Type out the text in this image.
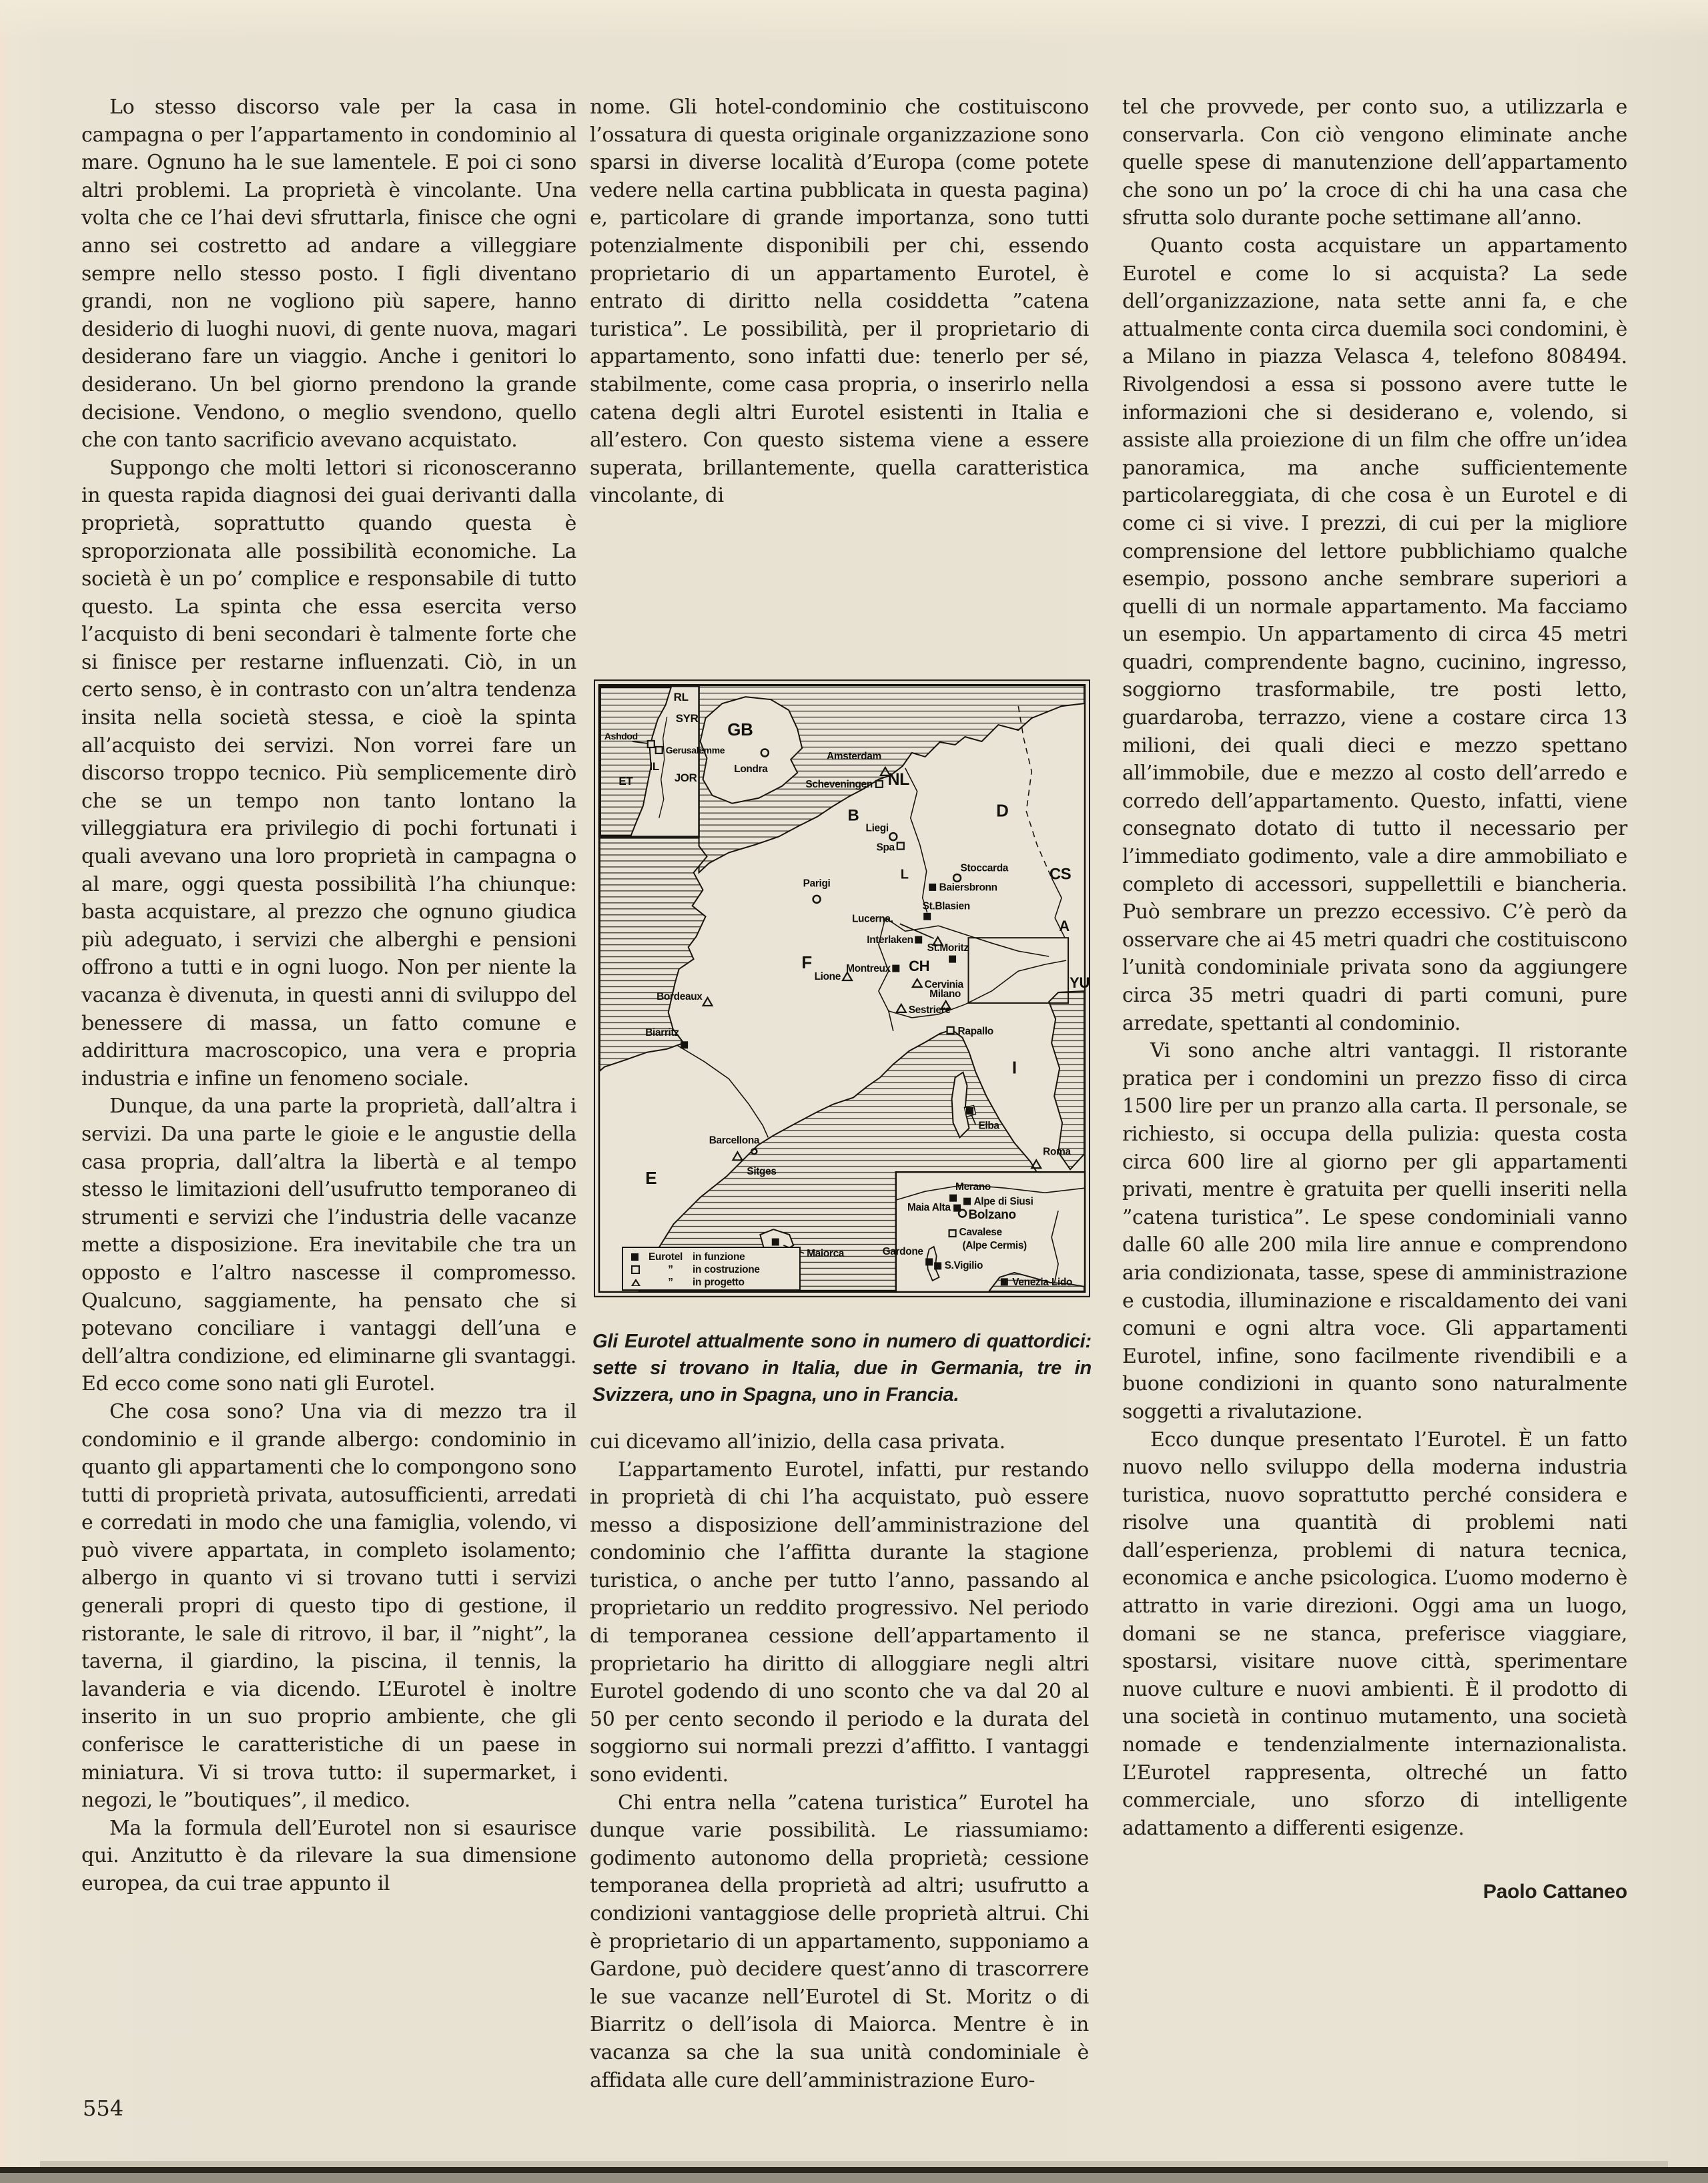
Lo stesso discorso vale per la casa in campagna o per l’appartamento in condominio al mare. Ognuno ha le sue lamentele. E poi ci sono altri problemi. La proprietà è vincolante. Una volta che ce l’hai devi sfruttarla, finisce che ogni anno sei costretto ad andare a villeggiare sempre nello stesso posto. I figli diventano grandi, non ne vogliono più sapere, hanno desiderio di luoghi nuovi, di gente nuova, magari desiderano fare un viaggio. Anche i genitori lo desiderano. Un bel giorno prendono la grande decisione. Vendono, o meglio svendono, quello che con tanto sacrificio avevano acquistato.

Suppongo che molti lettori si riconosceranno in questa rapida diagnosi dei guai derivanti dalla proprietà, soprattutto quando questa è sproporzionata alle possibilità economiche. La società è un po’ complice e responsabile di tutto questo. La spinta che essa esercita verso l’acquisto di beni secondari è talmente forte che si finisce per restarne influenzati. Ciò, in un certo senso, è in contrasto con un’altra tendenza insita nella società stessa, e cioè la spinta all’acquisto dei servizi. Non vorrei fare un discorso troppo tecnico. Più semplicemente dirò che se un tempo non tanto lontano la villeggiatura era privilegio di pochi fortunati i quali avevano una loro proprietà in campagna o al mare, oggi questa possibilità l’ha chiunque: basta acquistare, al prezzo che ognuno giudica più adeguato, i servizi che alberghi e pensioni offrono a tutti e in ogni luogo. Non per niente la vacanza è divenuta, in questi anni di sviluppo del benessere di massa, un fatto comune e addirittura macroscopico, una vera e propria industria e infine un fenomeno sociale.

Dunque, da una parte la proprietà, dall’altra i servizi. Da una parte le gioie e le angustie della casa propria, dall’altra la libertà e al tempo stesso le limitazioni dell’usufrutto temporaneo di strumenti e servizi che l’industria delle vacanze mette a disposizione. Era inevitabile che tra un opposto e l’altro nascesse il compromesso. Qualcuno, saggiamente, ha pensato che si potevano conciliare i vantaggi dell’una e dell’altra condizione, ed eliminarne gli svantaggi. Ed ecco come sono nati gli Eurotel.

Che cosa sono? Una via di mezzo tra il condominio e il grande albergo: condominio in quanto gli appartamenti che lo compongono sono tutti di proprietà privata, autosufficienti, arredati e corredati in modo che una famiglia, volendo, vi può vivere appartata, in completo isolamento; albergo in quanto vi si trovano tutti i servizi generali propri di questo tipo di gestione, il ristorante, le sale di ritrovo, il bar, il ”night”, la taverna, il giardino, la piscina, il tennis, la lavanderia e via dicendo. L’Eurotel è inoltre inserito in un suo proprio ambiente, che gli conferisce le caratteristiche di un paese in miniatura. Vi si trova tutto: il supermarket, i negozi, le ”boutiques”, il medico.

Ma la formula dell’Eurotel non si esaurisce qui. Anzitutto è da rilevare la sua dimensione europea, da cui trae appunto il

nome. Gli hotel-condominio che costituiscono l’ossatura di questa originale organizzazione sono sparsi in diverse località d’Europa (come potete vedere nella cartina pubblicata in questa pagina) e, particolare di grande importanza, sono tutti potenzialmente disponibili per chi, essendo proprietario di un appartamento Eurotel, è entrato di diritto nella cosiddetta ”catena turistica”. Le possibilità, per il proprietario di appartamento, sono infatti due: tenerlo per sé, stabilmente, come casa propria, o inserirlo nella catena degli altri Eurotel esistenti in Italia e all’estero. Con questo sistema viene a essere superata, brillantemente, quella caratteristica vincolante, di

GB
NL
B
L
D
CS
F	CH
A
YU
I
E
RL
SYR
IL
JOR
ET
Ashdod
Gerusalemme
Londra
Amsterdam
Scheveningen
Liegi
Spa
Parigi
Stoccarda
Baiersbronn
St.Blasien
Lucerna.
Interlaken
St.Moritz
Montreux
Cervinia
Milano
Sestriere
Rapallo
Lione
Bordeaux
Biarritz
Barcellona
Sitges
Maiorca
Elba
Roma
Merano
Alpe di Siusi
Maia Alta
Bolzano
Cavalese
(Alpe Cermis)
Gardone
S.Vigilio
Venezia Lido
Eurotel in funzione
”	in costruzione
”	in progetto
Gli Eurotel attualmente sono in numero di quattordici: sette si trovano in Italia, due in Germania, tre in Svizzera, uno in Spagna, uno in Francia.

cui dicevamo all’inizio, della casa privata.

L’appartamento Eurotel, infatti, pur restando in proprietà di chi l’ha acquistato, può essere messo a disposizione dell’amministrazione del condominio che l’affitta durante la stagione turistica, o anche per tutto l’anno, passando al proprietario un reddito progressivo. Nel periodo di temporanea cessione dell’appartamento il proprietario ha diritto di alloggiare negli altri Eurotel godendo di uno sconto che va dal 20 al 50 per cento secondo il periodo e la durata del soggiorno sui normali prezzi d’affitto. I vantaggi sono evidenti.

Chi entra nella ”catena turistica” Eurotel ha dunque varie possibilità. Le riassumiamo: godimento autonomo della proprietà; cessione temporanea della proprietà ad altri; usufrutto a condizioni vantaggiose delle proprietà altrui. Chi è proprietario di un appartamento, supponiamo a Gardone, può decidere quest’anno di trascorrere le sue vacanze nell’Eurotel di St. Moritz o di Biarritz o dell’isola di Maiorca. Mentre è in vacanza sa che la sua unità condominiale è affidata alle cure dell’amministrazione Euro-

tel che provvede, per conto suo, a utilizzarla e conservarla. Con ciò vengono eliminate anche quelle spese di manutenzione dell’appartamento che sono un po’ la croce di chi ha una casa che sfrutta solo durante poche settimane all’anno.

Quanto costa acquistare un appartamento Eurotel e come lo si acquista? La sede dell’organizzazione, nata sette anni fa, e che attualmente conta circa duemila soci condomini, è a Milano in piazza Velasca 4, telefono 808494. Rivolgendosi a essa si possono avere tutte le informazioni che si desiderano e, volendo, si assiste alla proiezione di un film che offre un’idea panoramica, ma anche sufficientemente particolareggiata, di che cosa è un Eurotel e di come ci si vive. I prezzi, di cui per la migliore comprensione del lettore pubblichiamo qualche esempio, possono anche sembrare superiori a quelli di un normale appartamento. Ma facciamo un esempio. Un appartamento di circa 45 metri quadri, comprendente bagno, cucinino, ingresso, soggiorno trasformabile, tre posti letto, guardaroba, terrazzo, viene a costare circa 13 milioni, dei quali dieci e mezzo spettano all’immobile, due e mezzo al costo dell’arredo e corredo dell’appartamento. Questo, infatti, viene consegnato dotato di tutto il necessario per l’immediato godimento, vale a dire ammobiliato e completo di accessori, suppellettili e biancheria. Può sembrare un prezzo eccessivo. C’è però da osservare che ai 45 metri quadri che costituiscono l’unità condominiale privata sono da aggiungere circa 35 metri quadri di parti comuni, pure arredate, spettanti al condominio.

Vi sono anche altri vantaggi. Il ristorante pratica per i condomini un prezzo fisso di circa 1500 lire per un pranzo alla carta. Il personale, se richiesto, si occupa della pulizia: questa costa circa 600 lire al giorno per gli appartamenti privati, mentre è gratuita per quelli inseriti nella ”catena turistica”. Le spese condominiali vanno dalle 60 alle 200 mila lire annue e comprendono aria condizionata, tasse, spese di amministrazione e custodia, illuminazione e riscaldamento dei vani comuni e ogni altra voce. Gli appartamenti Eurotel, infine, sono facilmente rivendibili e a buone condizioni in quanto sono naturalmente soggetti a rivalutazione.

Ecco dunque presentato l’Eurotel. È un fatto nuovo nello sviluppo della moderna industria turistica, nuovo soprattutto perché considera e risolve una quantità di problemi nati dall’esperienza, problemi di natura tecnica, economica e anche psicologica. L’uomo moderno è attratto in varie direzioni. Oggi ama un luogo, domani se ne stanca, preferisce viaggiare, spostarsi, visitare nuove città, sperimentare nuove culture e nuovi ambienti. È il prodotto di una società in continuo mutamento, una società nomade e tendenzialmente internazionalista. L’Eurotel rappresenta, oltreché un fatto commerciale, uno sforzo di intelligente adattamento a differenti esigenze.

Paolo Cattaneo
554
